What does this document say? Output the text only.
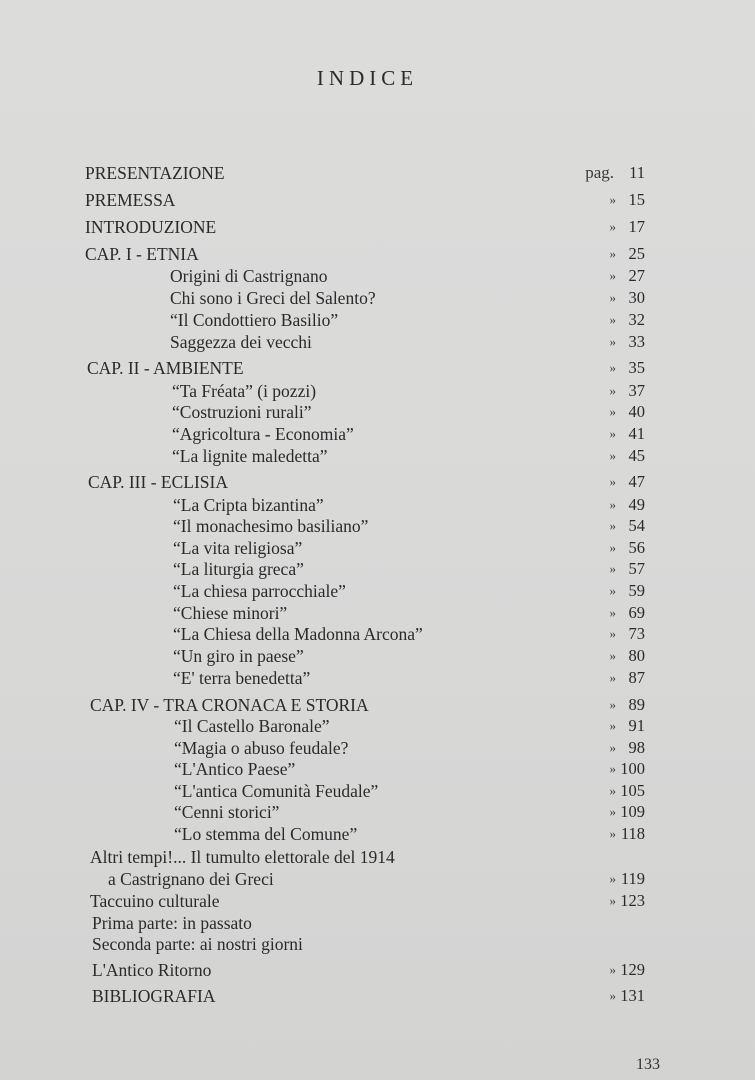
INDICE
PRESENTAZIONE	pag. 11
PREMESSA	» 15
INTRODUZIONE	» 17
CAP. I - ETNIA	» 25
Origini di Castrignano	» 27
Chi sono i Greci del Salento?	» 30
“Il Condottiero Basilio”	» 32
Saggezza dei vecchi	» 33
CAP. II - AMBIENTE	» 35
“Ta Fréata” (i pozzi)	» 37
“Costruzioni rurali”	» 40
“Agricoltura - Economia”	» 41
“La lignite maledetta”	» 45
CAP. III - ECLISIA	» 47
“La Cripta bizantina”	» 49
“Il monachesimo basiliano”	» 54
“La vita religiosa”	» 56
“La liturgia greca”	» 57
“La chiesa parrocchiale”	» 59
“Chiese minori”	» 69
“La Chiesa della Madonna Arcona”	» 73
“Un giro in paese”	» 80
“E' terra benedetta”	» 87
CAP. IV - TRA CRONACA E STORIA	» 89
“Il Castello Baronale”	» 91
“Magia o abuso feudale?	» 98
“L'Antico Paese”	» 100
“L'antica Comunità Feudale”	» 105
“Cenni storici”	» 109
“Lo stemma del Comune”	» 118
Altri tempi!... Il tumulto elettorale del 1914
a Castrignano dei Greci	» 119
Taccuino culturale	» 123
Prima parte: in passato
Seconda parte: ai nostri giorni
L'Antico Ritorno	» 129
BIBLIOGRAFIA	» 131
133
